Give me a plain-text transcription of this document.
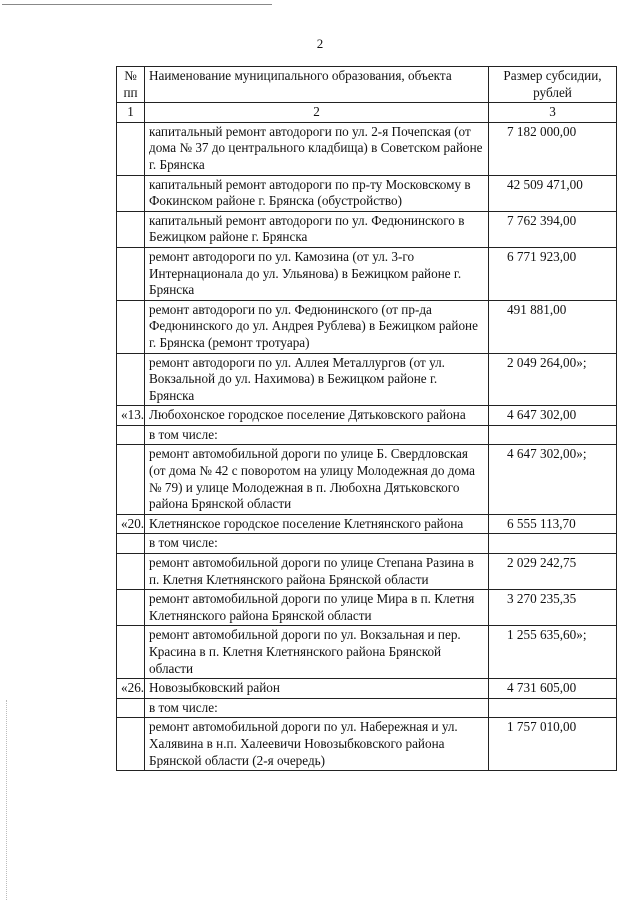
2
№ пп	Наименование муниципального образования, объекта	Размер субсидии, рублей
1	2	3
	капитальный ремонт автодороги по ул. 2-я Почепская (от дома № 37 до центрального кладбища) в Советском районе г. Брянска	7 182 000,00

	капитальный ремонт автодороги по пр-ту Московскому в Фокинском районе г. Брянска (обустройство)	42 509 471,00

	капитальный ремонт автодороги по ул. Федюнинского в Бежицком районе г. Брянска	7 762 394,00

	ремонт автодороги по ул. Камозина (от ул. 3-го Интернационала до ул. Ульянова) в Бежицком районе г. Брянска	6 771 923,00

	ремонт автодороги по ул. Федюнинского (от пр-да Федюнинского до ул. Андрея Рублева) в Бежицком районе г. Брянска (ремонт тротуара)	491 881,00

	ремонт автодороги по ул. Аллея Металлургов (от ул. Вокзальной до ул. Нахимова) в Бежицком районе г. Брянска	2 049 264,00»;

«13.	Любохонское городское поселение Дятьковского района	4 647 302,00

	в том числе:	

	ремонт автомобильной дороги по улице Б. Свердловская (от дома № 42 с поворотом на улицу Молодежная до дома № 79) и улице Молодежная в п. Любохна Дятьковского района Брянской области	4 647 302,00»;

«20.	Клетнянское городское поселение Клетнянского района	6 555 113,70

	в том числе:	

	ремонт автомобильной дороги по улице Степана Разина в п. Клетня Клетнянского района Брянской области	2 029 242,75

	ремонт автомобильной дороги по улице Мира в п. Клетня Клетнянского района Брянской области	3 270 235,35

	ремонт автомобильной дороги по ул. Вокзальная и пер. Красина в п. Клетня Клетнянского района Брянской области	1 255 635,60»;

«26.	Новозыбковский район	4 731 605,00

	в том числе:	

	ремонт автомобильной дороги по ул. Набережная и ул. Халявина в н.п. Халеевичи Новозыбковского района Брянской области (2-я очередь)	1 757 010,00
